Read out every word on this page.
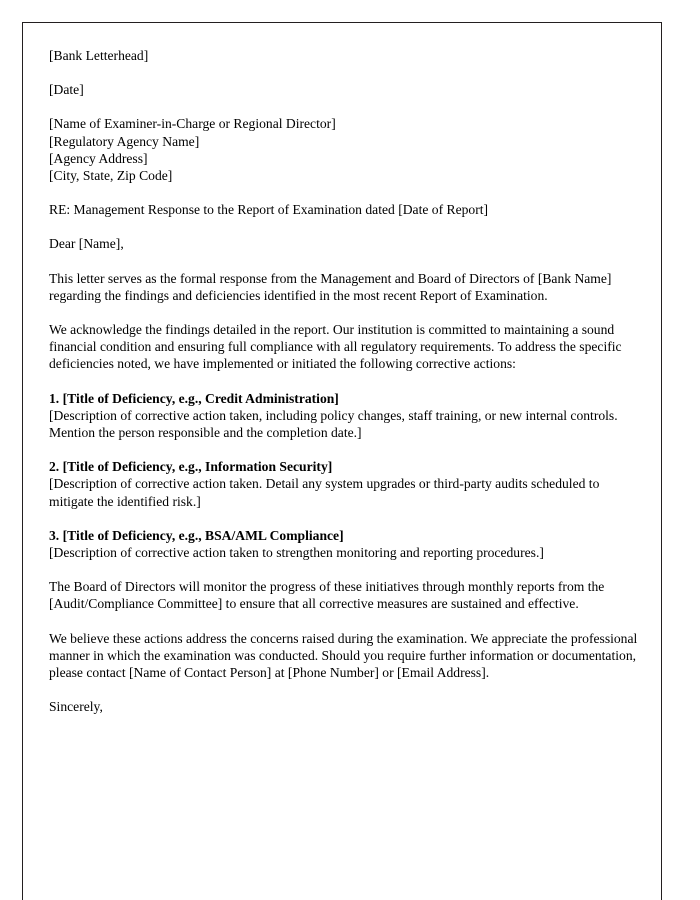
[Bank Letterhead]

[Date]

[Name of Examiner-in-Charge or Regional Director]
[Regulatory Agency Name]
[Agency Address]
[City, State, Zip Code]

RE: Management Response to the Report of Examination dated [Date of Report]

Dear [Name],

This letter serves as the formal response from the Management and Board of Directors of [Bank Name] regarding the findings and deficiencies identified in the most recent Report of Examination.

We acknowledge the findings detailed in the report. Our institution is committed to maintaining a sound financial condition and ensuring full compliance with all regulatory requirements. To address the specific deficiencies noted, we have implemented or initiated the following corrective actions:

1. [Title of Deficiency, e.g., Credit Administration]

[Description of corrective action taken, including policy changes, staff training, or new internal controls. Mention the person responsible and the completion date.]

2. [Title of Deficiency, e.g., Information Security]

[Description of corrective action taken. Detail any system upgrades or third-party audits scheduled to mitigate the identified risk.]

3. [Title of Deficiency, e.g., BSA/AML Compliance]

[Description of corrective action taken to strengthen monitoring and reporting procedures.]

The Board of Directors will monitor the progress of these initiatives through monthly reports from the [Audit/Compliance Committee] to ensure that all corrective measures are sustained and effective.

We believe these actions address the concerns raised during the examination. We appreciate the professional manner in which the examination was conducted. Should you require further information or documentation, please contact [Name of Contact Person] at [Phone Number] or [Email Address].

Sincerely,
